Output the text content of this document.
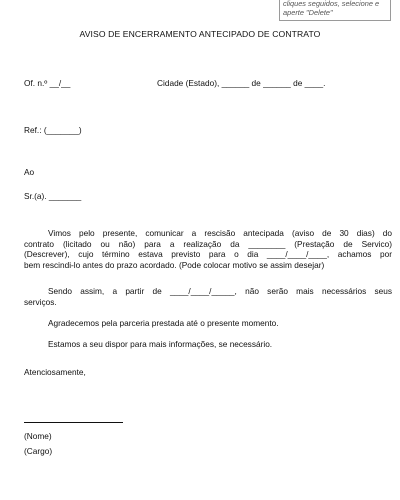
cliques seguidos, selecione e
aperte "Delete"
AVISO DE ENCERRAMENTO ANTECIPADO DE CONTRATO
Of. n.º __/__	Cidade (Estado), ______ de ______ de ____.
Ref.: (_______)
Ao
Sr.(a). _______
Vimos pelo presente, comunicar a rescisão antecipada (aviso de 30 dias) do
contrato (licitado ou não) para a realização da ________ (Prestação de Servico)
(Descrever), cujo término estava previsto para o dia ____/____/____, achamos por
bem rescindi-lo antes do prazo acordado. (Pode colocar motivo se assim desejar)
Sendo assim, a partir de ____/____/_____, não serão mais necessários seus
serviços.
Agradecemos pela parceria prestada até o presente momento.
Estamos a seu dispor para mais informações, se necessário.
Atenciosamente,
(Nome)
(Cargo)
